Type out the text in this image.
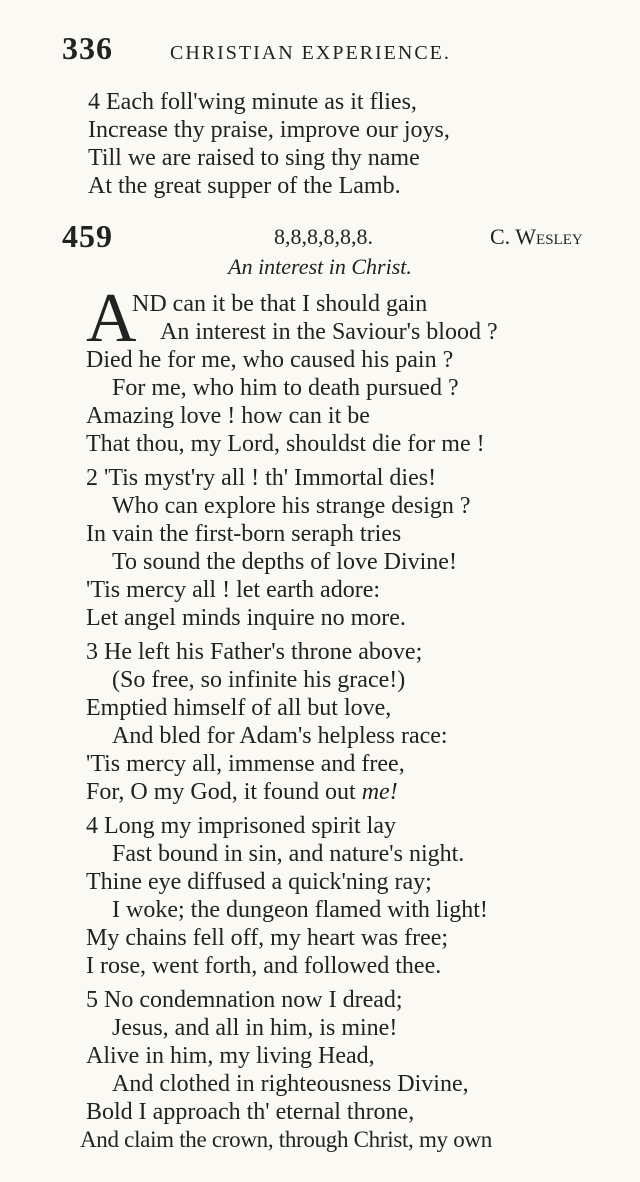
336	CHRISTIAN EXPERIENCE.
4 Each foll'wing minute as it flies,
Increase thy praise, improve our joys,
Till we are raised to sing thy name
At the great supper of the Lamb.
459	8,8,8,8,8,8.	C. Wesley
An interest in Christ.
A
ND can it be that I should gain
An interest in the Saviour's blood ?
Died he for me, who caused his pain ?
For me, who him to death pursued ?
Amazing love ! how can it be
That thou, my Lord, shouldst die for me !
2 'Tis myst'ry all ! th' Immortal dies!
Who can explore his strange design ?
In vain the first-born seraph tries
To sound the depths of love Divine!
'Tis mercy all ! let earth adore:
Let angel minds inquire no more.
3 He left his Father's throne above;
(So free, so infinite his grace!)
Emptied himself of all but love,
And bled for Adam's helpless race:
'Tis mercy all, immense and free,
For, O my God, it found out me!
4 Long my imprisoned spirit lay
Fast bound in sin, and nature's night.
Thine eye diffused a quick'ning ray;
I woke; the dungeon flamed with light!
My chains fell off, my heart was free;
I rose, went forth, and followed thee.
5 No condemnation now I dread;
Jesus, and all in him, is mine!
Alive in him, my living Head,
And clothed in righteousness Divine,
Bold I approach th' eternal throne,
And claim the crown, through Christ, my own
